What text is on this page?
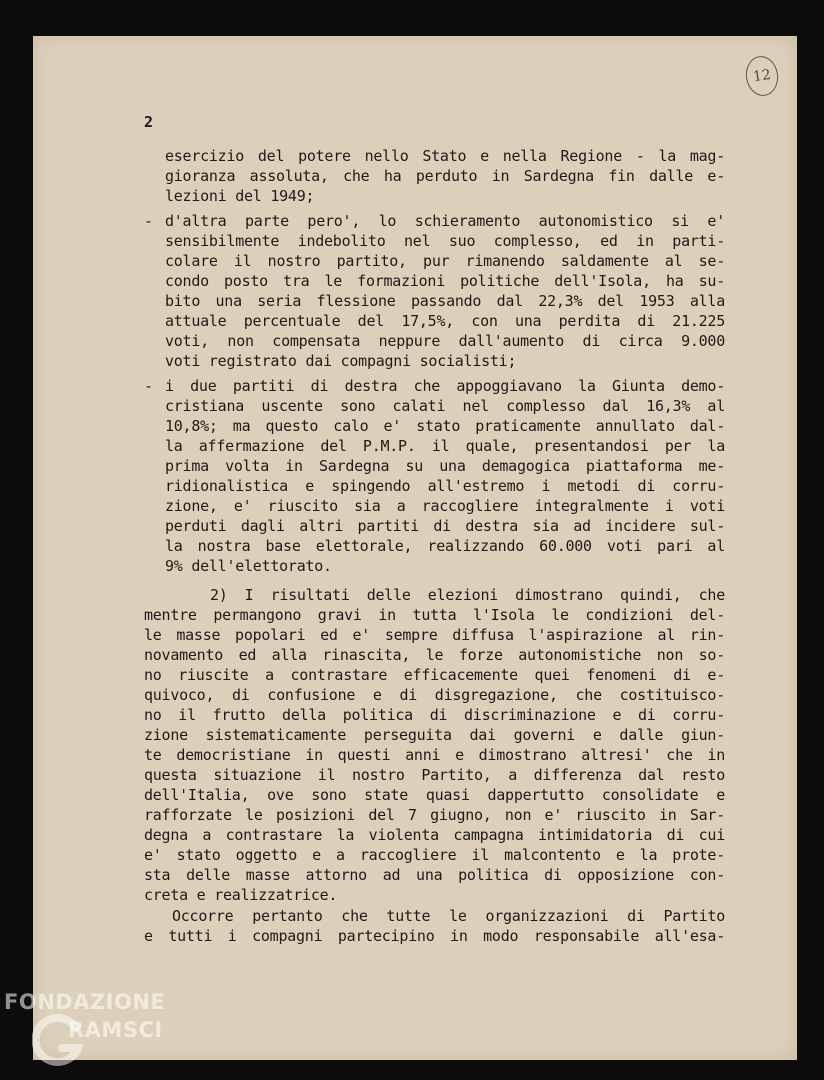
12
2
esercizio del potere nello Stato e nella Regione - la mag-
gioranza assoluta, che ha perduto in Sardegna fin dalle e-
lezioni del 1949;
- d'altra parte pero', lo schieramento autonomistico si e'
sensibilmente indebolito nel suo complesso, ed in parti-
colare il nostro partito, pur rimanendo saldamente al se-
condo posto tra le formazioni politiche dell'Isola, ha su-
bito una seria flessione passando dal 22,3% del 1953 alla
attuale percentuale del 17,5%, con una perdita di 21.225
voti, non compensata neppure dall'aumento di circa 9.000
voti registrato dai compagni socialisti;
- i due partiti di destra che appoggiavano la Giunta demo-
cristiana uscente sono calati nel complesso dal 16,3% al
10,8%; ma questo calo e' stato praticamente annullato dal-
la affermazione del P.M.P. il quale, presentandosi per la
prima volta in Sardegna su una demagogica piattaforma me-
ridionalistica e spingendo all'estremo i metodi di corru-
zione, e' riuscito sia a raccogliere integralmente i voti
perduti dagli altri partiti di destra sia ad incidere sul-
la nostra base elettorale, realizzando 60.000 voti pari al
9% dell'elettorato.
2) I risultati delle elezioni dimostrano quindi, che
mentre permangono gravi in tutta l'Isola le condizioni del-
le masse popolari ed e' sempre diffusa l'aspirazione al rin-
novamento ed alla rinascita, le forze autonomistiche non so-
no riuscite a contrastare efficacemente quei fenomeni di e-
quivoco, di confusione e di disgregazione, che costituisco-
no il frutto della politica di discriminazione e di corru-
zione sistematicamente perseguita dai governi e dalle giun-
te democristiane in questi anni e dimostrano altresi' che in
questa situazione il nostro Partito, a differenza dal resto
dell'Italia, ove sono state quasi dappertutto consolidate e
rafforzate le posizioni del 7 giugno, non e' riuscito in Sar-
degna a contrastare la violenta campagna intimidatoria di cui
e' stato oggetto e a raccogliere il malcontento e la prote-
sta delle masse attorno ad una politica di opposizione con-
creta e realizzatrice.
Occorre pertanto che tutte le organizzazioni di Partito
e tutti i compagni partecipino in modo responsabile all'esa-
FONDAZIONE
RAMSCI
